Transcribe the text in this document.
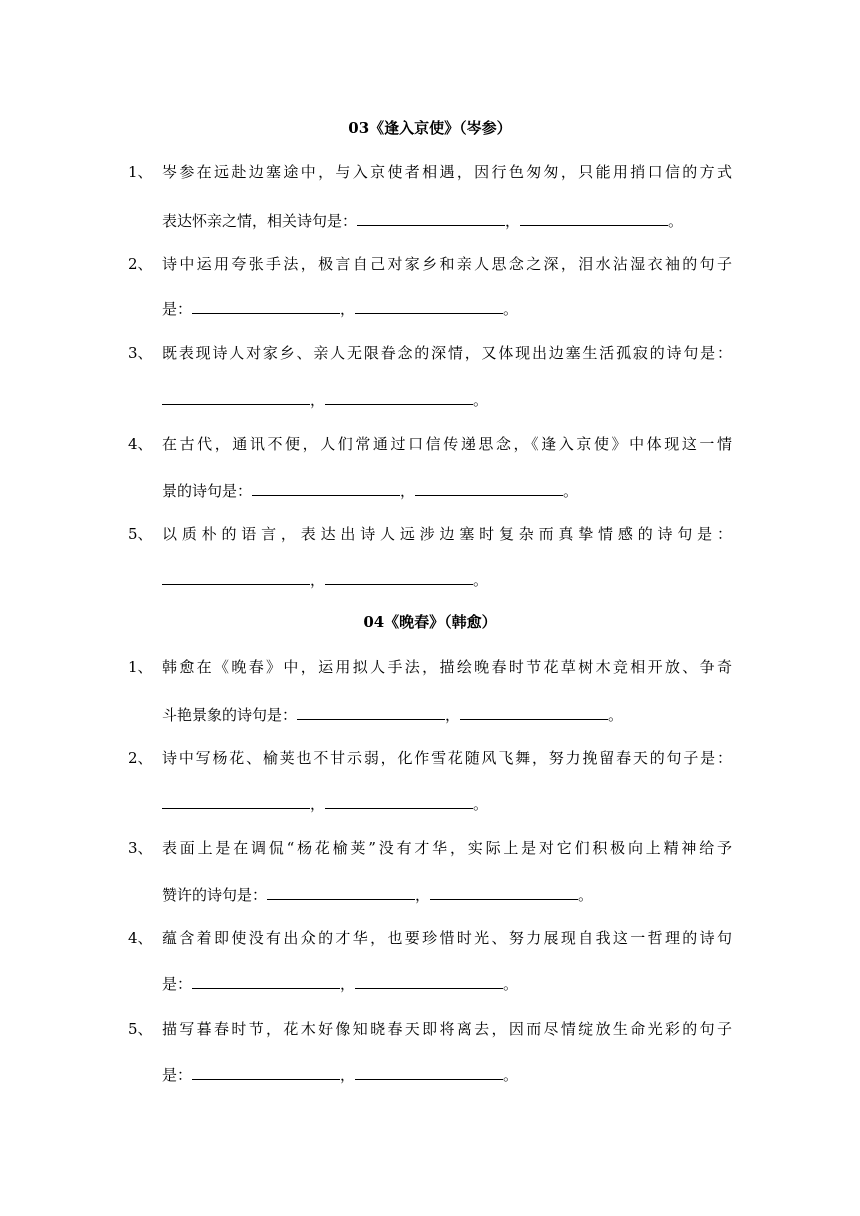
03《逢入京使》（岑参）
1、 岑参在远赴边塞途中，与入京使者相遇，因行色匆匆，只能用捎口信的方式
表达怀亲之情，相关诗句是：	，	。
2、 诗中运用夸张手法，极言自己对家乡和亲人思念之深，泪水沾湿衣袖的句子
是：	，	。
3、 既表现诗人对家乡、亲人无限眷念的深情，又体现出边塞生活孤寂的诗句是：
，	。
4、 在古代，通讯不便，人们常通过口信传递思念，《逢入京使》中体现这一情
景的诗句是：	，	。
5、 以质朴的语言，表达出诗人远涉边塞时复杂而真挚情感的诗句是：
，	。
04《晚春》（韩愈）
1、 韩愈在《晚春》中，运用拟人手法，描绘晚春时节花草树木竞相开放、争奇
斗艳景象的诗句是：	，	。
2、 诗中写杨花、榆荚也不甘示弱，化作雪花随风飞舞，努力挽留春天的句子是：
，	。
3、 表面上是在调侃“杨花榆荚”没有才华，实际上是对它们积极向上精神给予
赞许的诗句是：	，	。
4、 蕴含着即使没有出众的才华，也要珍惜时光、努力展现自我这一哲理的诗句
是：	，	。
5、 描写暮春时节，花木好像知晓春天即将离去，因而尽情绽放生命光彩的句子
是：	，	。
